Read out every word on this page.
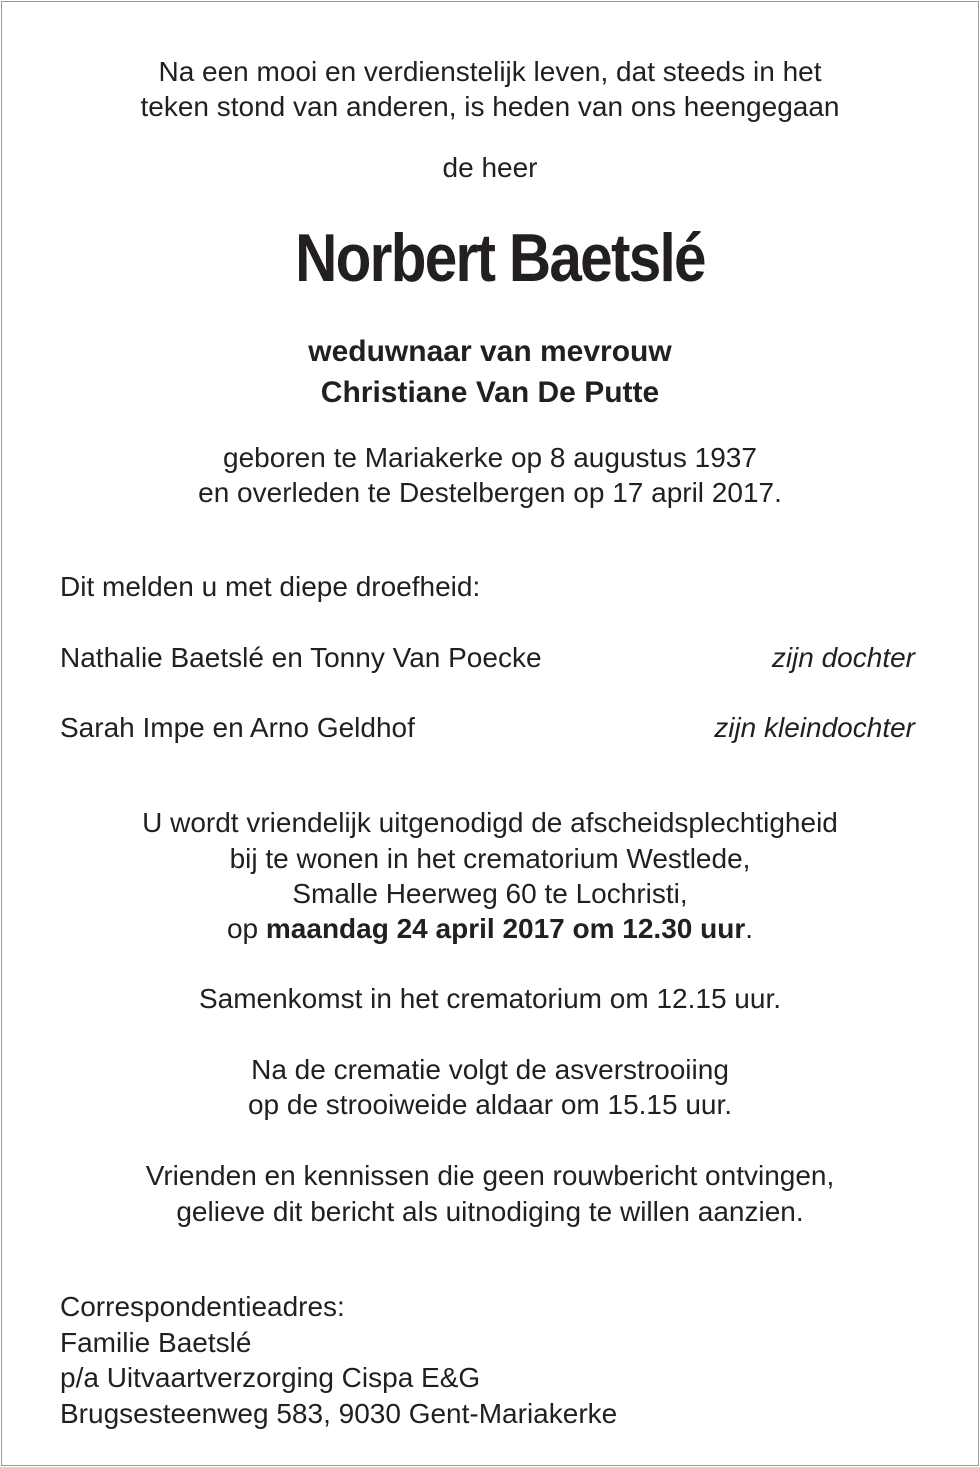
Na een mooi en verdienstelijk leven, dat steeds in het
teken stond van anderen, is heden van ons heengegaan
de heer
Norbert Baetslé
weduwnaar van mevrouw
Christiane Van De Putte
geboren te Mariakerke op 8 augustus 1937
en overleden te Destelbergen op 17 april 2017.
Dit melden u met diepe droefheid:
Nathalie Baetslé en Tonny Van Poecke	zijn dochter
Sarah Impe en Arno Geldhof	zijn kleindochter
U wordt vriendelijk uitgenodigd de afscheidsplechtigheid
bij te wonen in het crematorium Westlede,
Smalle Heerweg 60 te Lochristi,
op maandag 24 april 2017 om 12.30 uur.
Samenkomst in het crematorium om 12.15 uur.
Na de crematie volgt de asverstrooiing
op de strooiweide aldaar om 15.15 uur.
Vrienden en kennissen die geen rouwbericht ontvingen,
gelieve dit bericht als uitnodiging te willen aanzien.
Correspondentieadres:
Familie Baetslé
p/a Uitvaartverzorging Cispa E&G
Brugsesteenweg 583, 9030 Gent-Mariakerke
